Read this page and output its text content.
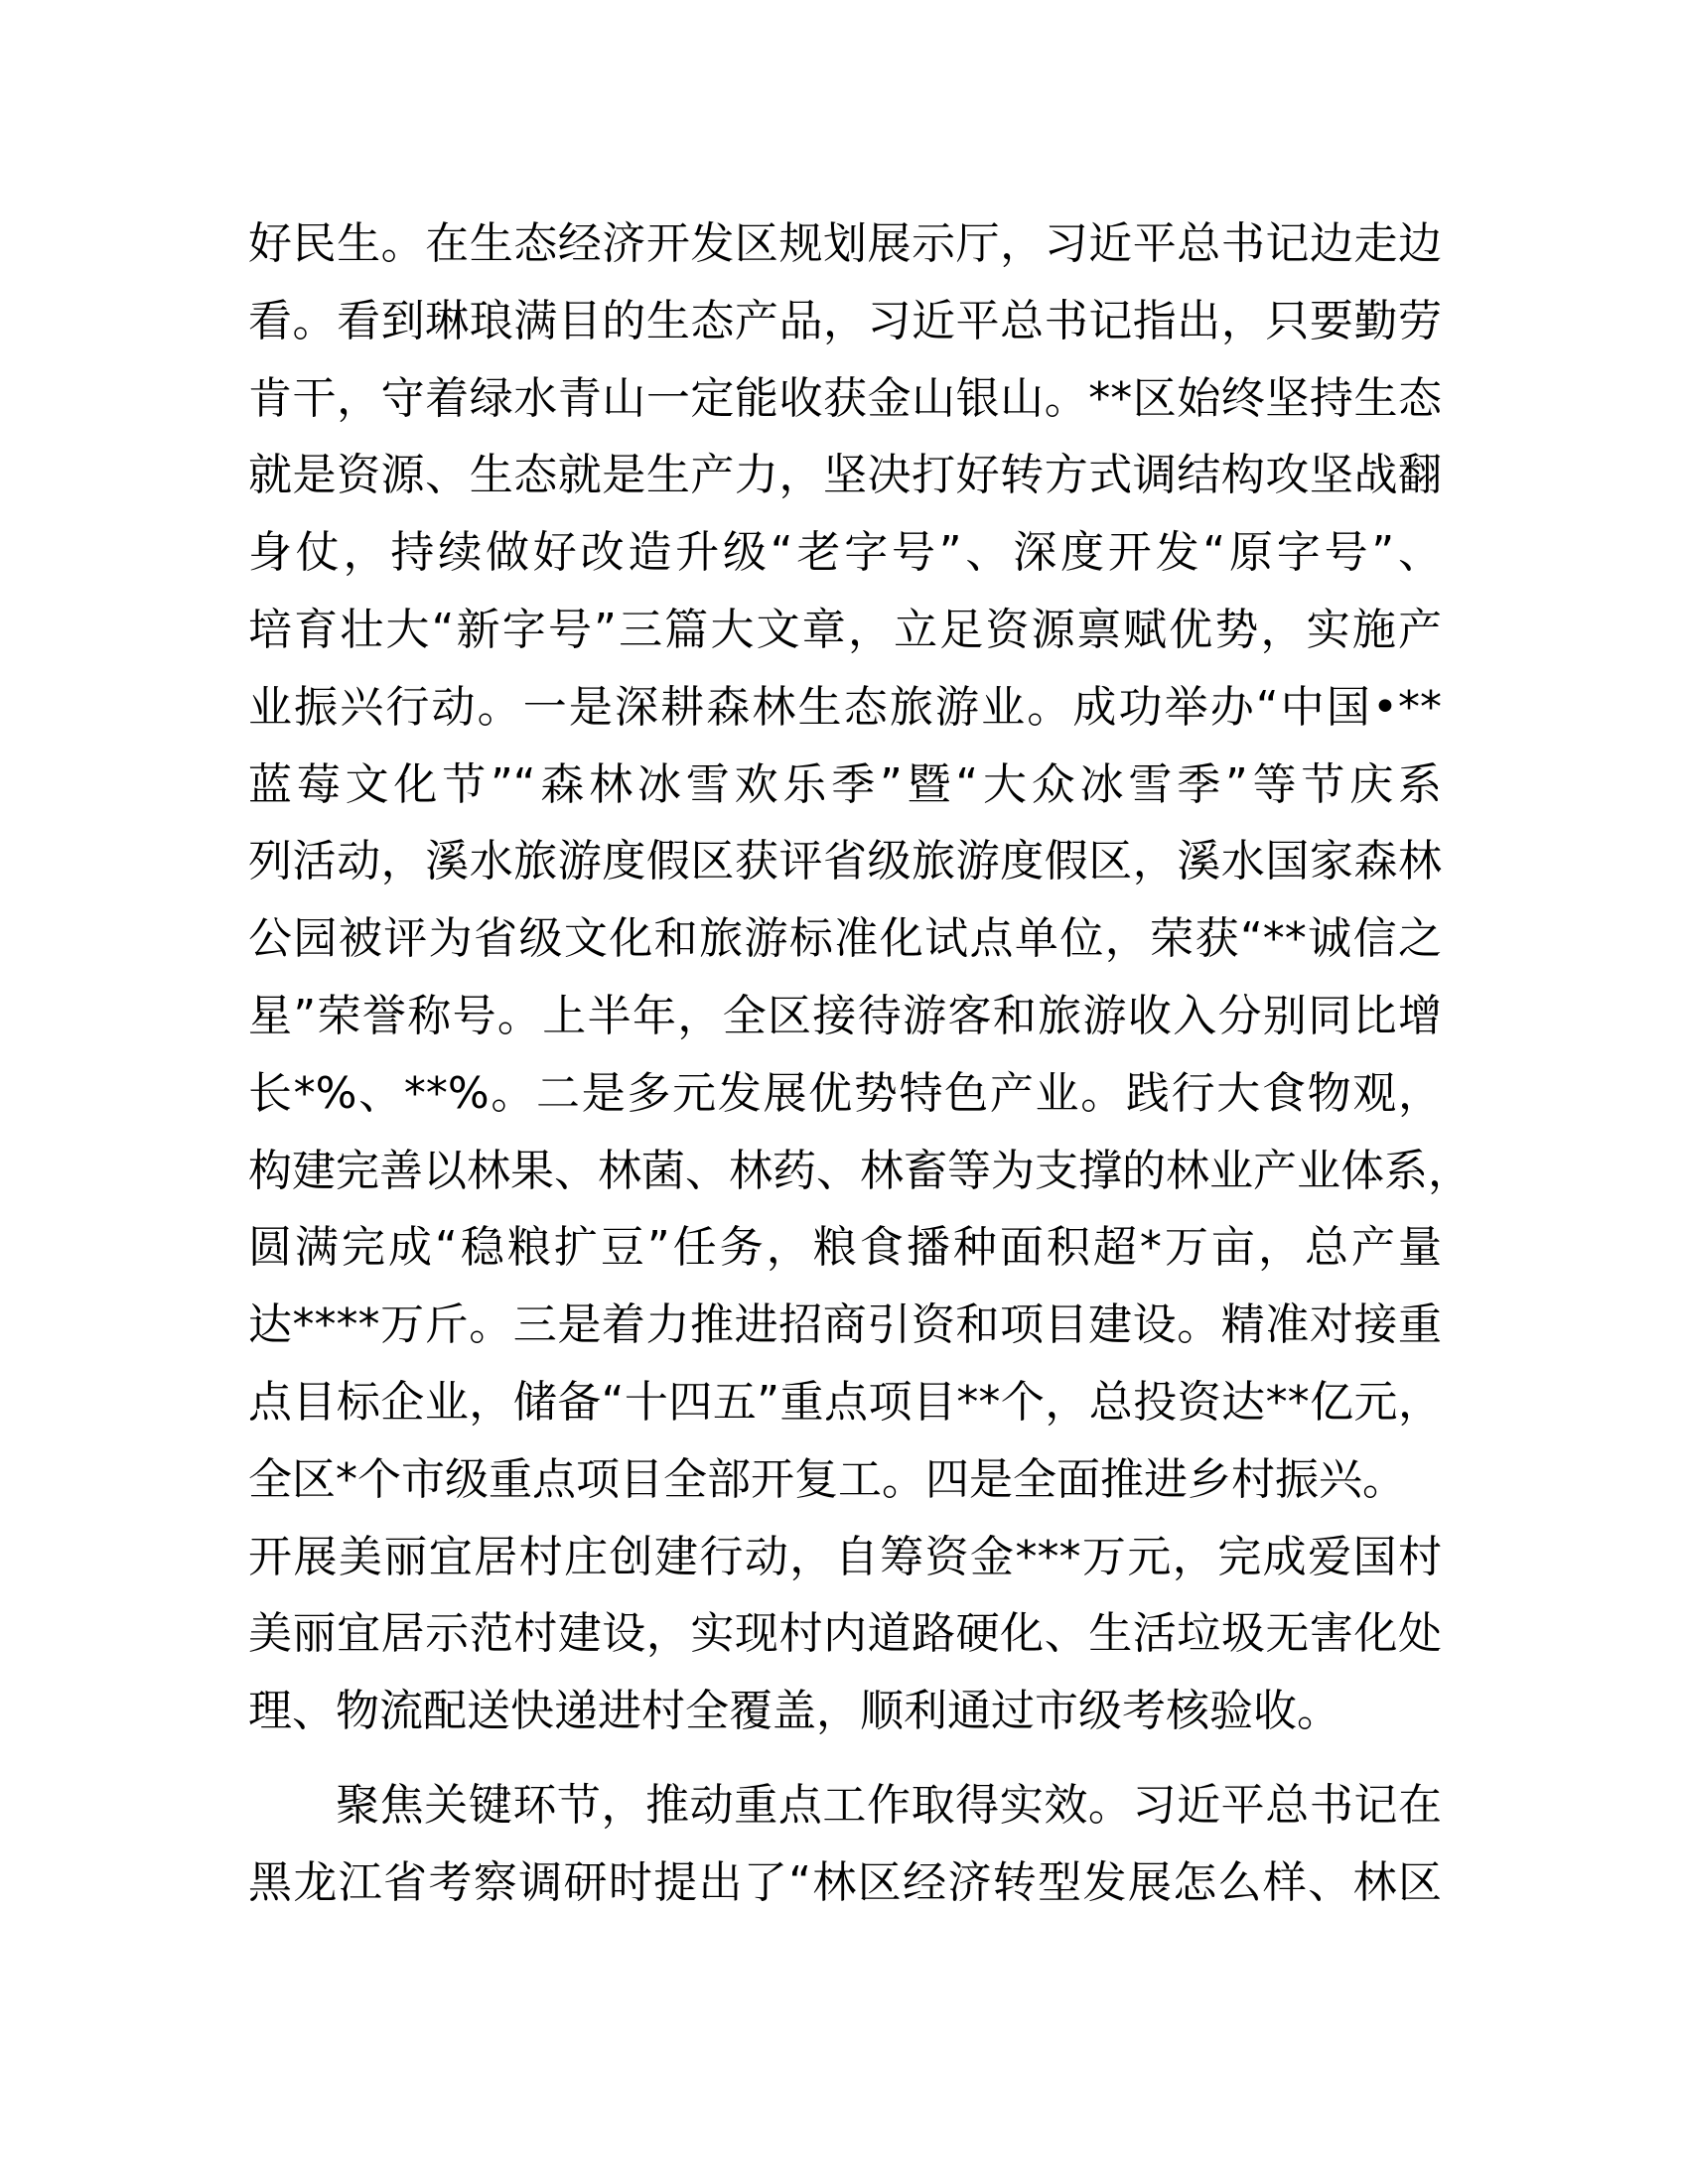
好民生。在生态经济开发区规划展示厅，习近平总书记边走边
看。看到琳琅满目的生态产品，习近平总书记指出，只要勤劳
肯干，守着绿水青山一定能收获金山银山。**区始终坚持生态
就是资源、生态就是生产力，坚决打好转方式调结构攻坚战翻
身仗，持续做好改造升级“老字号”、深度开发“原字号”、
培育壮大“新字号”三篇大文章，立足资源禀赋优势，实施产
业振兴行动。一是深耕森林生态旅游业。成功举办“中国•**
蓝莓文化节”“森林冰雪欢乐季”暨“大众冰雪季”等节庆系
列活动，溪水旅游度假区获评省级旅游度假区，溪水国家森林
公园被评为省级文化和旅游标准化试点单位，荣获“**诚信之
星”荣誉称号。上半年，全区接待游客和旅游收入分别同比增
长*%、**%。二是多元发展优势特色产业。践行大食物观，
构建完善以林果、林菌、林药、林畜等为支撑的林业产业体系，
圆满完成“稳粮扩豆”任务，粮食播种面积超*万亩，总产量
达****万斤。三是着力推进招商引资和项目建设。精准对接重
点目标企业，储备“十四五”重点项目**个，总投资达**亿元，
全区*个市级重点项目全部开复工。四是全面推进乡村振兴。
开展美丽宜居村庄创建行动，自筹资金***万元，完成爱国村
美丽宜居示范村建设，实现村内道路硬化、生活垃圾无害化处
理、物流配送快递进村全覆盖，顺利通过市级考核验收。
聚焦关键环节，推动重点工作取得实效。习近平总书记在
黑龙江省考察调研时提出了“林区经济转型发展怎么样、林区
